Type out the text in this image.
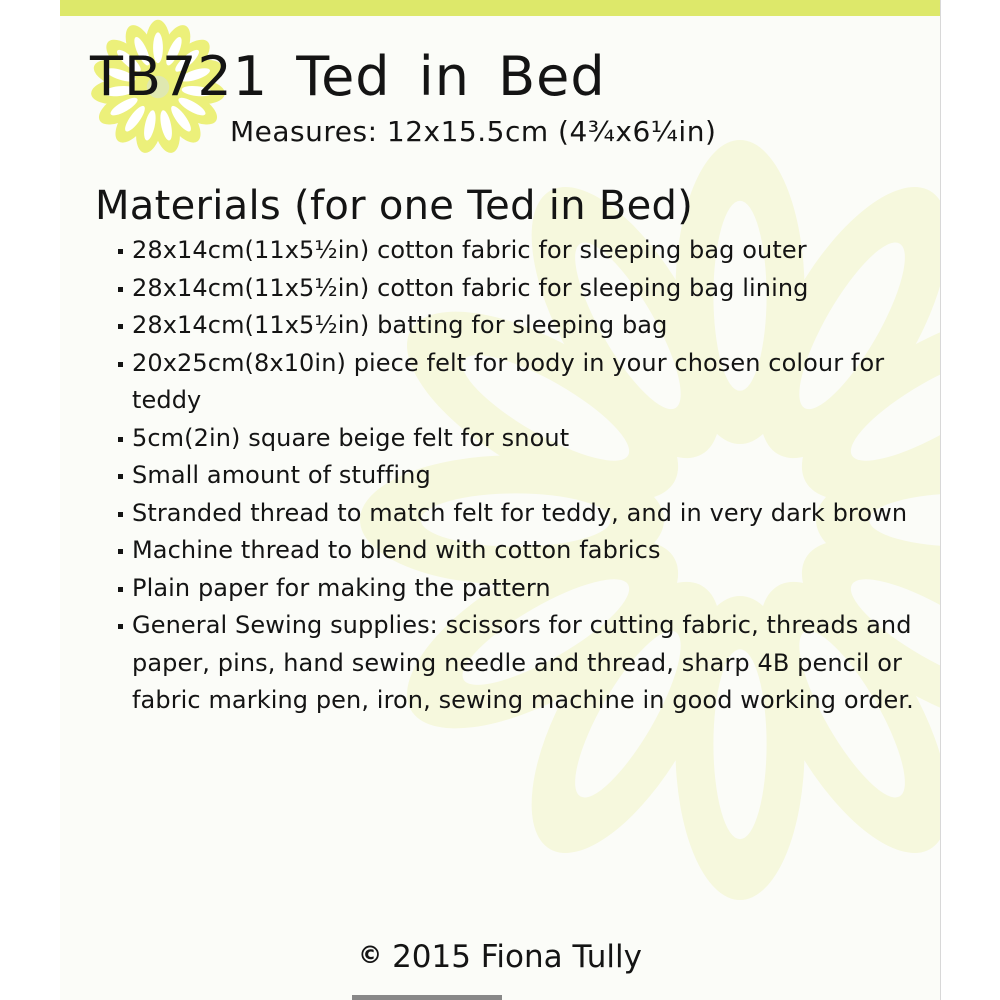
TB721 Ted in Bed
Measures: 12x15.5cm (4¾x6¼in)
Materials (for one Ted in Bed)
28x14cm(11x5½in) cotton fabric for sleeping bag outer
28x14cm(11x5½in) cotton fabric for sleeping bag lining
28x14cm(11x5½in) batting for sleeping bag
20x25cm(8x10in) piece felt for body in your chosen colour for teddy
5cm(2in) square beige felt for snout
Small amount of stuffing
Stranded thread to match felt for teddy, and in very dark brown
Machine thread to blend with cotton fabrics
Plain paper for making the pattern
General Sewing supplies: scissors for cutting fabric, threads and paper, pins, hand sewing needle and thread, sharp 4B pencil or fabric marking pen, iron, sewing machine in good working order.
© 2015 Fiona Tully
